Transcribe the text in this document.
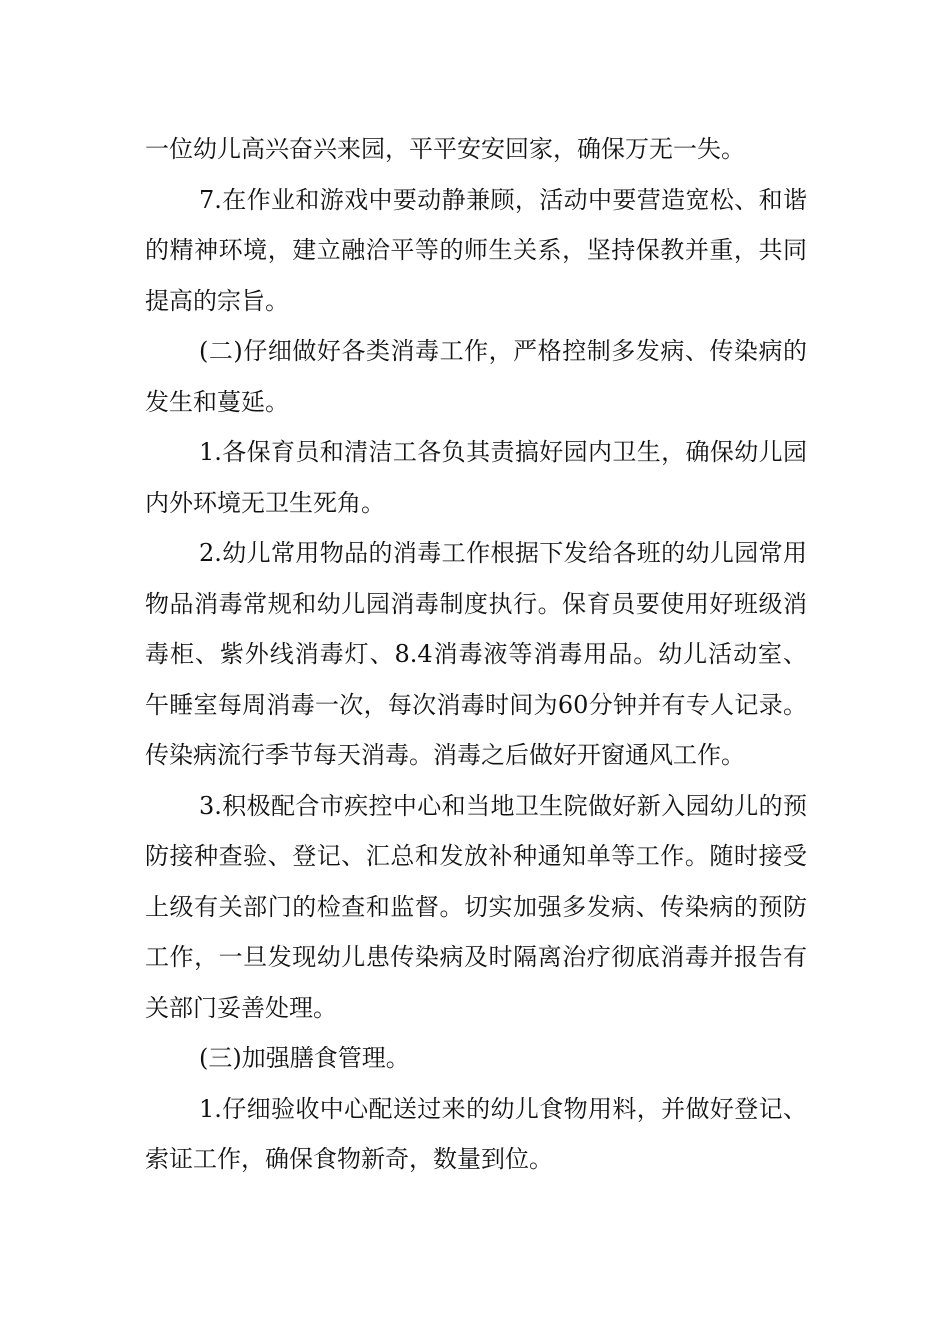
一位幼儿高兴奋兴来园，平平安安回家，确保万无一失。

7.在作业和游戏中要动静兼顾，活动中要营造宽松、和谐的精神环境，建立融洽平等的师生关系，坚持保教并重，共同提高的宗旨。

(二)仔细做好各类消毒工作，严格控制多发病、传染病的发生和蔓延。

1.各保育员和清洁工各负其责搞好园内卫生，确保幼儿园内外环境无卫生死角。

2.幼儿常用物品的消毒工作根据下发给各班的幼儿园常用物品消毒常规和幼儿园消毒制度执行。保育员要使用好班级消毒柜、紫外线消毒灯、8.4消毒液等消毒用品。幼儿活动室、午睡室每周消毒一次，每次消毒时间为60分钟并有专人记录。传染病流行季节每天消毒。消毒之后做好开窗通风工作。

3.积极配合市疾控中心和当地卫生院做好新入园幼儿的预防接种查验、登记、汇总和发放补种通知单等工作。随时接受上级有关部门的检查和监督。切实加强多发病、传染病的预防工作，一旦发现幼儿患传染病及时隔离治疗彻底消毒并报告有关部门妥善处理。

(三)加强膳食管理。

1.仔细验收中心配送过来的幼儿食物用料，并做好登记、索证工作，确保食物新奇，数量到位。
